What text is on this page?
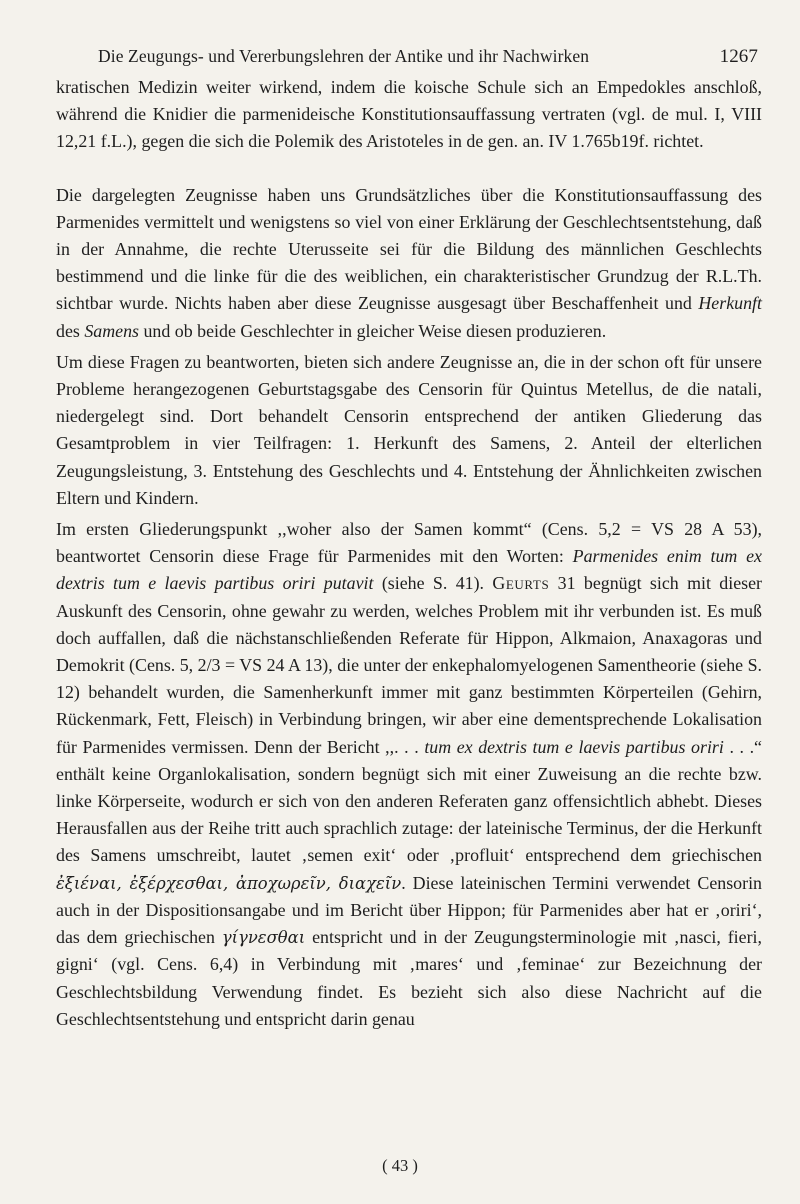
Die Zeugungs- und Vererbungslehren der Antike und ihr Nachwirken	1267

kratischen Medizin weiter wirkend, indem die koische Schule sich an Empedokles anschloß, während die Knidier die parmenideische Konstitutionsauffassung vertraten (vgl. de mul. I, VIII 12,21 f.L.), gegen die sich die Polemik des Aristoteles in de gen. an. IV 1.765b19f. richtet.

Die dargelegten Zeugnisse haben uns Grundsätzliches über die Konstitutionsauffassung des Parmenides vermittelt und wenigstens so viel von einer Erklärung der Geschlechtsentstehung, daß in der Annahme, die rechte Uterusseite sei für die Bildung des männlichen Geschlechts bestimmend und die linke für die des weiblichen, ein charakteristischer Grundzug der R.L.Th. sichtbar wurde. Nichts haben aber diese Zeugnisse ausgesagt über Beschaffenheit und Herkunft des Samens und ob beide Geschlechter in gleicher Weise diesen produzieren.

Um diese Fragen zu beantworten, bieten sich andere Zeugnisse an, die in der schon oft für unsere Probleme herangezogenen Geburtstagsgabe des Censorin für Quintus Metellus, de die natali, niedergelegt sind. Dort behandelt Censorin entsprechend der antiken Gliederung das Gesamtproblem in vier Teilfragen: 1. Herkunft des Samens, 2. Anteil der elterlichen Zeugungsleistung, 3. Entstehung des Geschlechts und 4. Entstehung der Ähnlichkeiten zwischen Eltern und Kindern.

Im ersten Gliederungspunkt ,,woher also der Samen kommt“ (Cens. 5,2 = VS 28 A 53), beantwortet Censorin diese Frage für Parmenides mit den Worten: Parmenides enim tum ex dextris tum e laevis partibus oriri putavit (siehe S. 41). Geurts 31 begnügt sich mit dieser Auskunft des Censorin, ohne gewahr zu werden, welches Problem mit ihr verbunden ist. Es muß doch auffallen, daß die nächstanschließenden Referate für Hippon, Alkmaion, Anaxagoras und Demokrit (Cens. 5, 2/3 = VS 24 A 13), die unter der enkephalomyelogenen Samentheorie (siehe S. 12) behandelt wurden, die Samenherkunft immer mit ganz bestimmten Körperteilen (Gehirn, Rückenmark, Fett, Fleisch) in Verbindung bringen, wir aber eine dementsprechende Lokalisation für Parmenides vermissen. Denn der Bericht ,,. . . tum ex dextris tum e laevis partibus oriri . . .“ enthält keine Organlokalisation, sondern begnügt sich mit einer Zuweisung an die rechte bzw. linke Körperseite, wodurch er sich von den anderen Referaten ganz offensichtlich abhebt. Dieses Herausfallen aus der Reihe tritt auch sprachlich zutage: der lateinische Terminus, der die Herkunft des Samens umschreibt, lautet ‚semen exit‘ oder ‚profluit‘ entsprechend dem griechischen ἐξιέναι, ἐξέρχεσθαι, ἀποχωρεῖν, διαχεῖν. Diese lateinischen Termini verwendet Censorin auch in der Dispositionsangabe und im Bericht über Hippon; für Parmenides aber hat er ‚oriri‘, das dem griechischen γίγνεσθαι entspricht und in der Zeugungsterminologie mit ‚nasci, fieri, gigni‘ (vgl. Cens. 6,4) in Verbindung mit ‚mares‘ und ‚feminae‘ zur Bezeichnung der Geschlechtsbildung Verwendung findet. Es bezieht sich also diese Nachricht auf die Geschlechtsentstehung und entspricht darin genau

( 43 )
